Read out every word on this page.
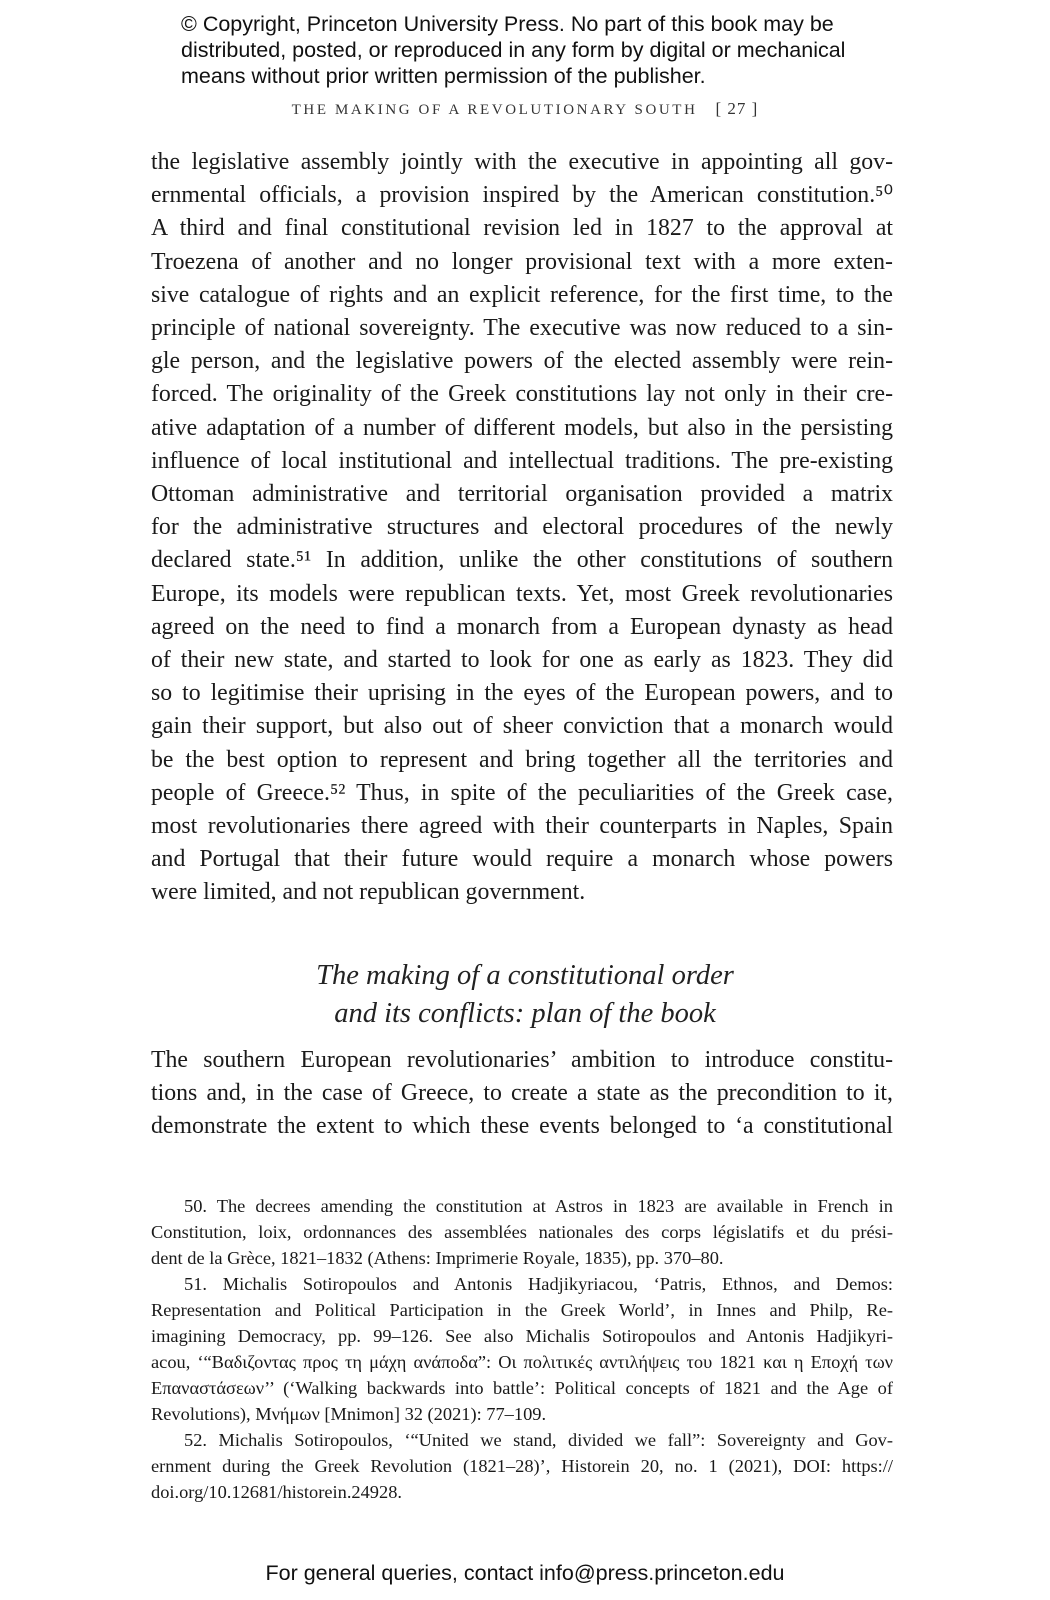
© Copyright, Princeton University Press. No part of this book may be
distributed, posted, or reproduced in any form by digital or mechanical
means without prior written permission of the publisher.
THE MAKING OF A REVOLUTIONARY SOUTH [ 27 ]
the legislative assembly jointly with the executive in appointing all gov-
ernmental officials, a provision inspired by the American constitution.⁵⁰
A third and final constitutional revision led in 1827 to the approval at
Troezena of another and no longer provisional text with a more exten-
sive catalogue of rights and an explicit reference, for the first time, to the
principle of national sovereignty. The executive was now reduced to a sin-
gle person, and the legislative powers of the elected assembly were rein-
forced. The originality of the Greek constitutions lay not only in their cre-
ative adaptation of a number of different models, but also in the persisting
influence of local institutional and intellectual traditions. The pre-existing
Ottoman administrative and territorial organisation provided a matrix
for the administrative structures and electoral procedures of the newly
declared state.⁵¹ In addition, unlike the other constitutions of southern
Europe, its models were republican texts. Yet, most Greek revolutionaries
agreed on the need to find a monarch from a European dynasty as head
of their new state, and started to look for one as early as 1823. They did
so to legitimise their uprising in the eyes of the European powers, and to
gain their support, but also out of sheer conviction that a monarch would
be the best option to represent and bring together all the territories and
people of Greece.⁵² Thus, in spite of the peculiarities of the Greek case,
most revolutionaries there agreed with their counterparts in Naples, Spain
and Portugal that their future would require a monarch whose powers
were limited, and not republican government.
The making of a constitutional order
and its conflicts: plan of the book
The southern European revolutionaries’ ambition to introduce constitu-
tions and, in the case of Greece, to create a state as the precondition to it,
demonstrate the extent to which these events belonged to ‘a constitutional
50. The decrees amending the constitution at Astros in 1823 are available in French in
Constitution, loix, ordonnances des assemblées nationales des corps législatifs et du prési-
dent de la Grèce, 1821–1832 (Athens: Imprimerie Royale, 1835), pp. 370–80.
51. Michalis Sotiropoulos and Antonis Hadjikyriacou, ‘Patris, Ethnos, and Demos:
Representation and Political Participation in the Greek World’, in Innes and Philp, Re-
imagining Democracy, pp. 99–126. See also Michalis Sotiropoulos and Antonis Hadjikyri-
acou, ‘“Βαδιζοντας προς τη μάχη ανάποδα”: Οι πολιτικές αντιλήψεις του 1821 και η Εποχή των
Επαναστάσεων’’ (‘Walking backwards into battle’: Political concepts of 1821 and the Age of
Revolutions), Μνήμων [Mnimon] 32 (2021): 77–109.
52. Michalis Sotiropoulos, ‘“United we stand, divided we fall”: Sovereignty and Gov-
ernment during the Greek Revolution (1821–28)’, Historein 20, no. 1 (2021), DOI: https://
doi.org/10.12681/historein.24928.
For general queries, contact info@press.princeton.edu
